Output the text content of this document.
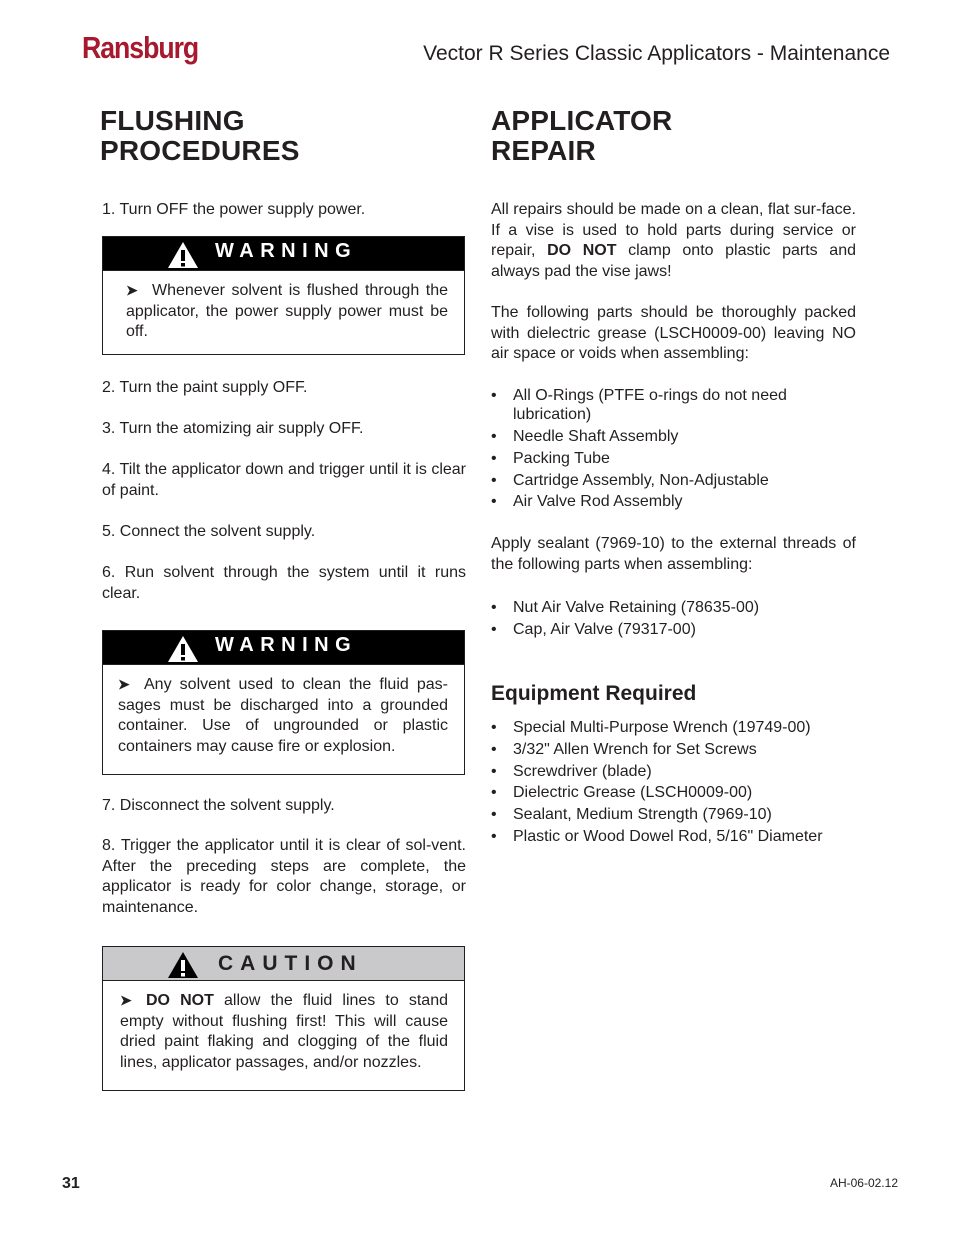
Ransburg	Vector R Series Classic Applicators - Maintenance
FLUSHING
PROCEDURES
1. Turn OFF the power supply power.
WARNING
➤ Whenever solvent is flushed through the applicator, the power supply power must be off.
2. Turn the paint supply OFF.
3. Turn the atomizing air supply OFF.
4. Tilt the applicator down and trigger until it is clear of paint.
5. Connect the solvent supply.
6. Run solvent through the system until it runs clear.
WARNING
➤ Any solvent used to clean the fluid pas-sages must be discharged into a grounded container. Use of ungrounded or plastic containers may cause fire or explosion.
7. Disconnect the solvent supply.
8. Trigger the applicator until it is clear of sol-vent. After the preceding steps are complete, the applicator is ready for color change, storage, or maintenance.
CAUTION
➤ DO NOT allow the fluid lines to stand empty without flushing first! This will cause dried paint flaking and clogging of the fluid lines, applicator passages, and/or nozzles.
APPLICATOR
REPAIR

All repairs should be made on a clean, flat sur-face. If a vise is used to hold parts during service or repair, DO NOT clamp onto plastic parts and always pad the vise jaws!

The following parts should be thoroughly packed with dielectric grease (LSCH0009-00) leaving NO air space or voids when assembling:

• All O-Rings (PTFE o-rings do not need lubrication)
• Needle Shaft Assembly
• Packing Tube
• Cartridge Assembly, Non-Adjustable
• Air Valve Rod Assembly

Apply sealant (7969-10) to the external threads of the following parts when assembling:

• Nut Air Valve Retaining (78635-00)
• Cap, Air Valve (79317-00)
Equipment Required
• Special Multi-Purpose Wrench (19749-00)
• 3/32" Allen Wrench for Set Screws
• Screwdriver (blade)
• Dielectric Grease (LSCH0009-00)
• Sealant, Medium Strength (7969-10)
• Plastic or Wood Dowel Rod, 5/16" Diameter
31	AH-06-02.12
